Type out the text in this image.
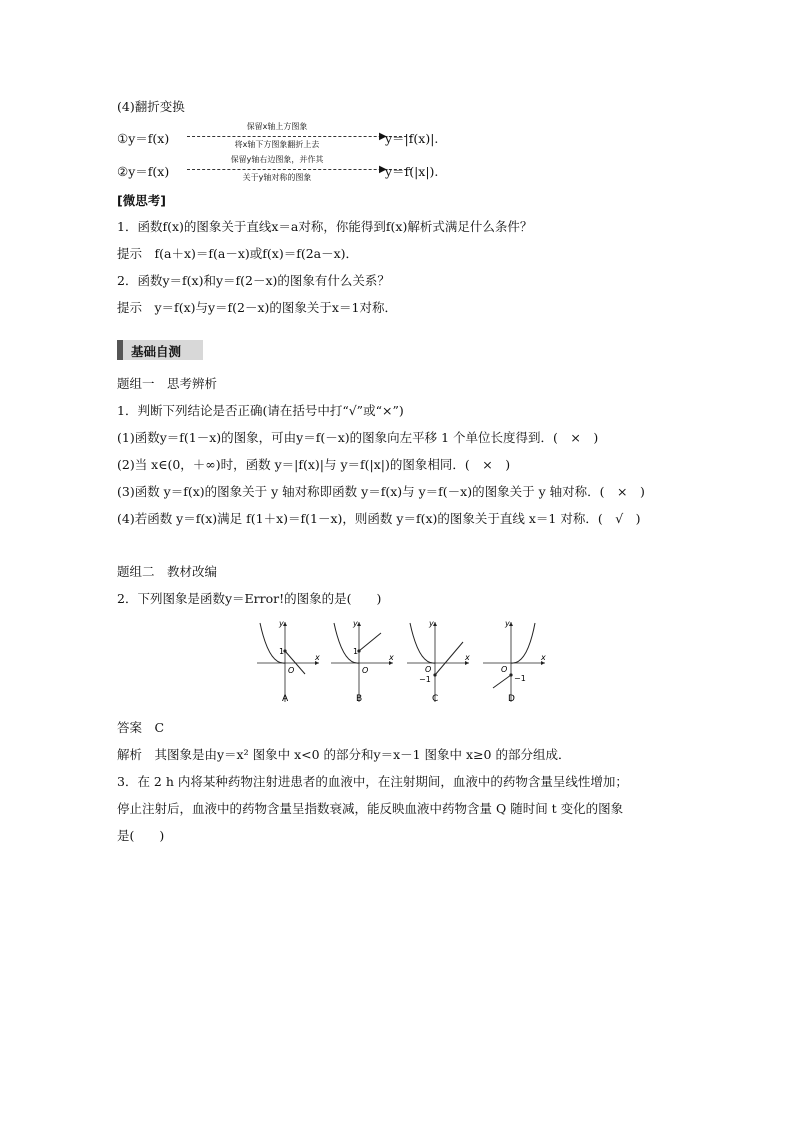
(4)翻折变换
①y＝f(x)	▶
保留x轴上方图象
将x轴下方图象翻折上去	y＝|f(x)|.
②y＝f(x)	▶
保留y轴右边图象，并作其
关于y轴对称的图象	y＝f(|x|).
[微思考]
1．函数f(x)的图象关于直线x＝a对称，你能得到f(x)解析式满足什么条件？
提示　f(a＋x)＝f(a－x)或f(x)＝f(2a－x)．
2．函数y＝f(x)和y＝f(2－x)的图象有什么关系？
提示　y＝f(x)与y＝f(2－x)的图象关于x＝1对称．
基础自测
题组一　思考辨析
1．判断下列结论是否正确(请在括号中打“√”或“×”)
(1)函数y＝f(1－x)的图象，可由y＝f(－x)的图象向左平移 1 个单位长度得到．(　×　)
(2)当 x∈(0，＋∞)时，函数 y＝|f(x)|与 y＝f(|x|)的图象相同．(　×　)
(3)函数 y＝f(x)的图象关于 y 轴对称即函数 y＝f(x)与 y＝f(－x)的图象关于 y 轴对称．(　×　)
(4)若函数 y＝f(x)满足 f(1＋x)＝f(1－x)，则函数 y＝f(x)的图象关于直线 x＝1 对称．(　√　)
题组二　教材改编
2．下列图象是函数y＝Error!的图象的是(　　)
y
x
O
1
A
y
x
O
1
B
y
x
O
−1
C
y
x
O
−1
D
答案　C
解析　其图象是由y＝x² 图象中 x<0 的部分和y＝x－1 图象中 x≥0 的部分组成．
3．在 2 h 内将某种药物注射进患者的血液中，在注射期间，血液中的药物含量呈线性增加；
停止注射后，血液中的药物含量呈指数衰减，能反映血液中药物含量 Q 随时间 t 变化的图象
是(　　)
